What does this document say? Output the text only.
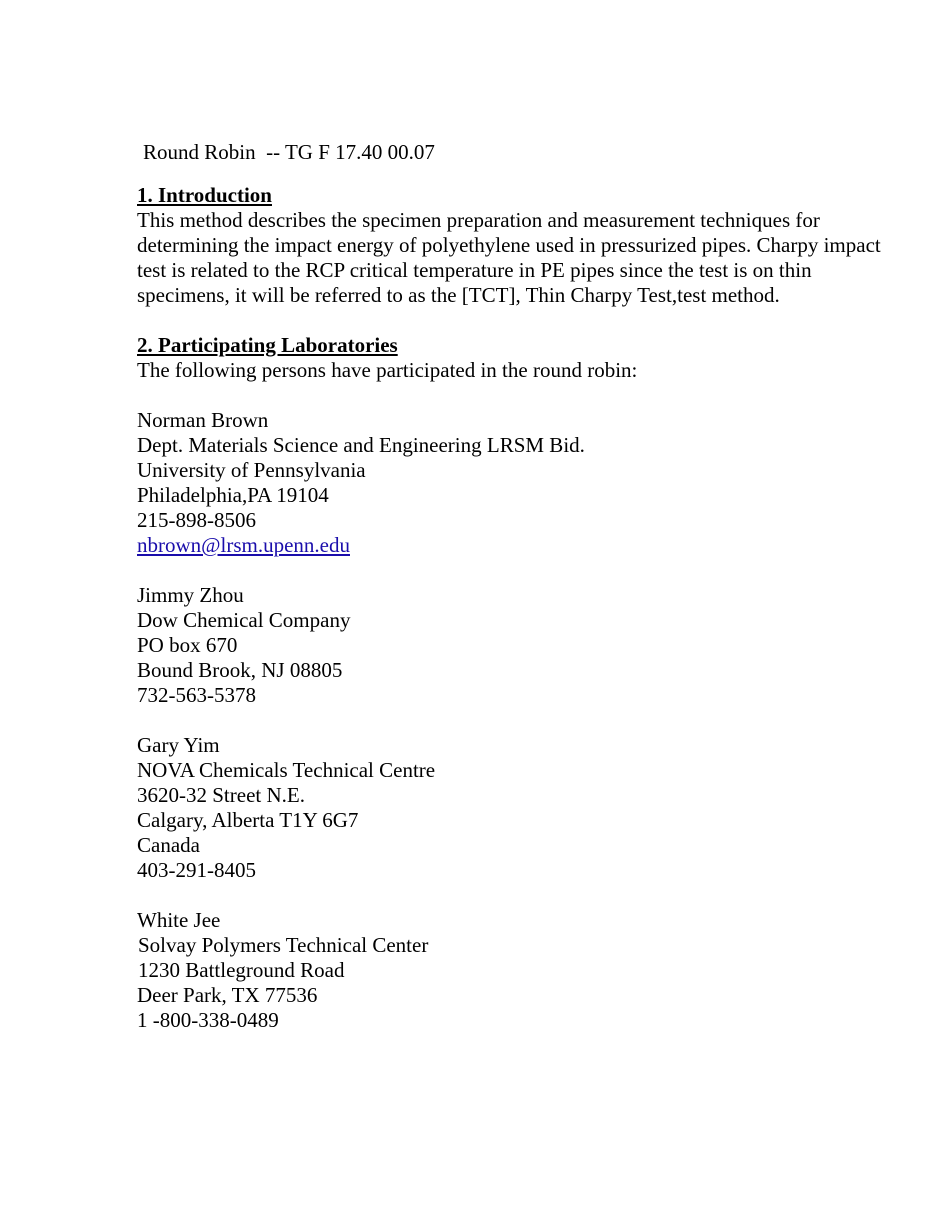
Round Robin  -- TG F 17.40 00.07

1. Introduction

This method describes the specimen preparation and measurement techniques for determining the impact energy of polyethylene used in pressurized pipes. Charpy impact test is related to the RCP critical temperature in PE pipes since the test is on thin specimens, it will be referred to as the [TCT], Thin Charpy Test,test method.

2. Participating Laboratories

The following persons have participated in the round robin:

Norman Brown

Dept. Materials Science and Engineering LRSM Bid.

University of Pennsylvania

Philadelphia,PA 19104

215-898-8506

nbrown@lrsm.upenn.edu

Jimmy Zhou

Dow Chemical Company

PO box 670

Bound Brook, NJ 08805

732-563-5378

Gary Yim

NOVA Chemicals Technical Centre

3620-32 Street N.E.

Calgary, Alberta T1Y 6G7

Canada

403-291-8405

White Jee

Solvay Polymers Technical Center

1230 Battleground Road

Deer Park, TX 77536

1 -800-338-0489
